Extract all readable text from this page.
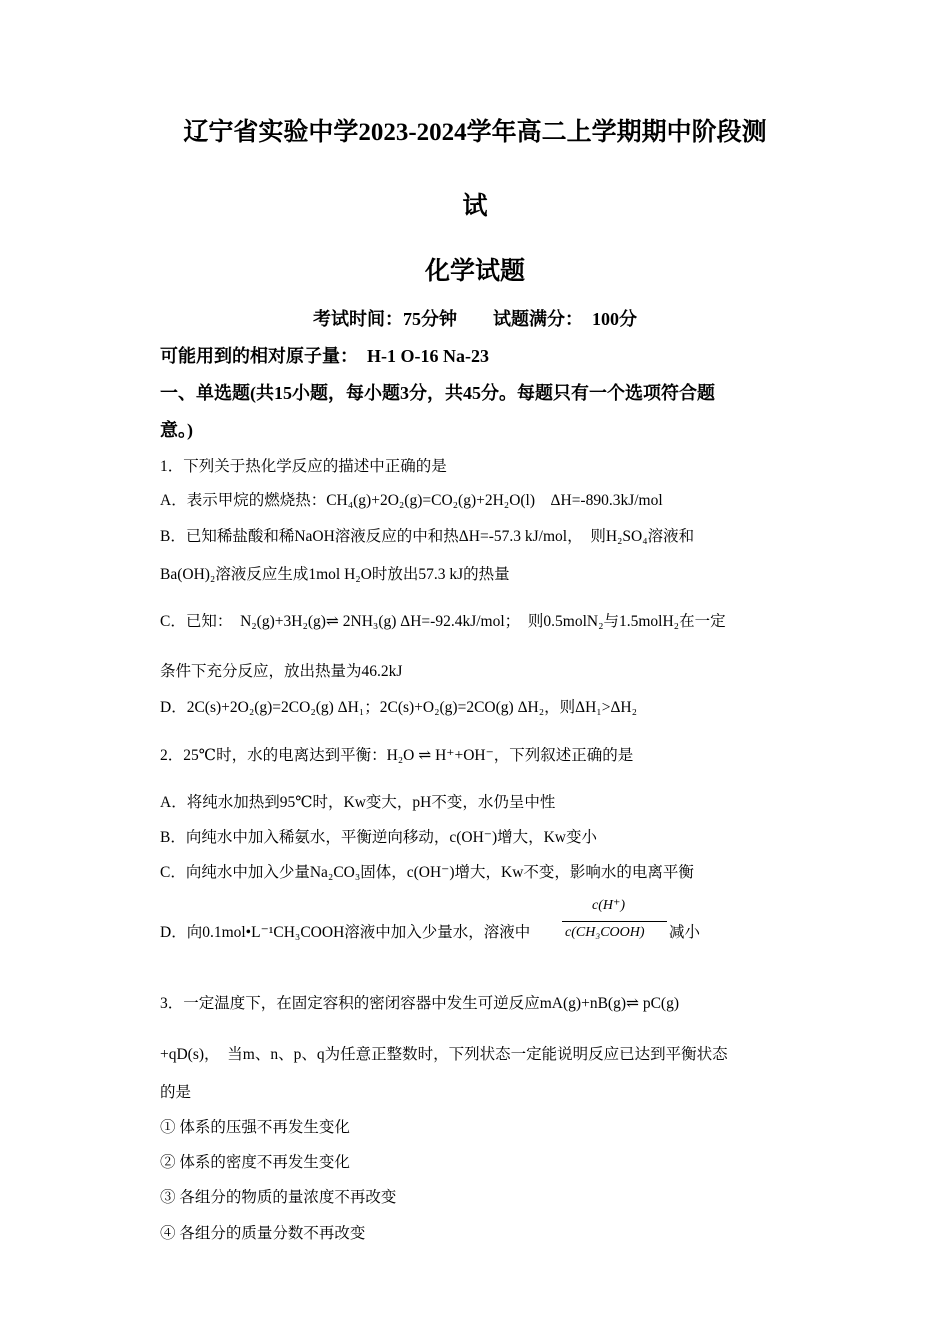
辽宁省实验中学2023-2024学年高二上学期期中阶段测
试
化学试题
考试时间：75分钟　　试题满分：　100分
可能用到的相对原子量：　H-1 O-16 Na-23
一、单选题(共15小题，每小题3分，共45分。每题只有一个选项符合题
意。)
1．下列关于热化学反应的描述中正确的是
A．表示甲烷的燃烧热：CH₄(g)+2O₂(g)=CO₂(g)+2H₂O(l)　ΔH=-890.3kJ/mol
B．已知稀盐酸和稀NaOH溶液反应的中和热ΔH=-57.3 kJ/mol，　则H₂SO₄溶液和
Ba(OH)₂溶液反应生成1mol H₂O时放出57.3 kJ的热量
C．已知：　N₂(g)+3H₂(g)⇌ 2NH₃(g) ΔH=-92.4kJ/mol；　则0.5molN₂与1.5molH₂在一定
条件下充分反应，放出热量为46.2kJ
D．2C(s)+2O₂(g)=2CO₂(g) ΔH₁；2C(s)+O₂(g)=2CO(g) ΔH₂，则ΔH₁>ΔH₂
2．25℃时，水的电离达到平衡：H₂O ⇌ H⁺+OH⁻，下列叙述正确的是
A．将纯水加热到95℃时，Kw变大，pH不变，水仍呈中性
B．向纯水中加入稀氨水，平衡逆向移动，c(OH⁻)增大，Kw变小
C．向纯水中加入少量Na₂CO₃固体，c(OH⁻)增大，Kw不变，影响水的电离平衡
D．向0.1mol•L⁻¹CH₃COOH溶液中加入少量水，溶液中
c(H⁺)
c(CH₃COOH) 减小
3．一定温度下，在固定容积的密闭容器中发生可逆反应mA(g)+nB(g)⇌ pC(g)
+qD(s)，　当m、n、p、q为任意正整数时，下列状态一定能说明反应已达到平衡状态
的是
① 体系的压强不再发生变化
② 体系的密度不再发生变化
③ 各组分的物质的量浓度不再改变
④ 各组分的质量分数不再改变
